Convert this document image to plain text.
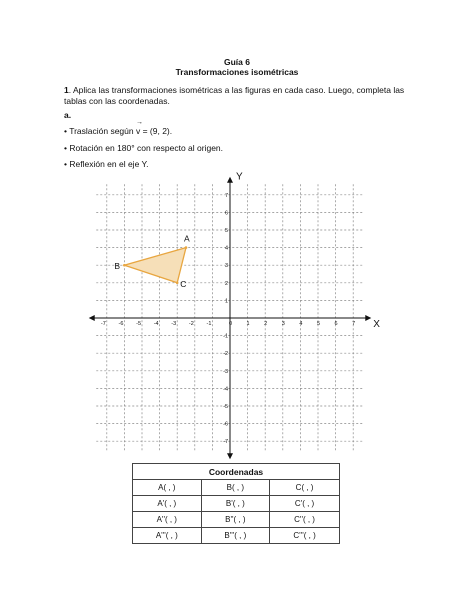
Guía 6
Transformaciones isométricas
1. Aplica las transformaciones isométricas a las figuras en cada caso. Luego, completa las tablas con las coordenadas.
a.
• Traslación según
→
v = (9, 2).
• Rotación en 180° con respecto al origen.
• Reflexión en el eje Y.
X
Y
-7 -6 -5 -4 -3 -2 -1	0	1	2	3	4	5	6	7
7
6
5
4
3
2
1
-1
-2
-3
-4
-5
-6
-7
A
B
C
Coordenadas		
A( , )	B( , )	C( , )
A'( , )	B'( , )	C'( , )
A''( , )	B''( , )	C''( , )
A'''( , )	B'''( , )	C'''( , )
